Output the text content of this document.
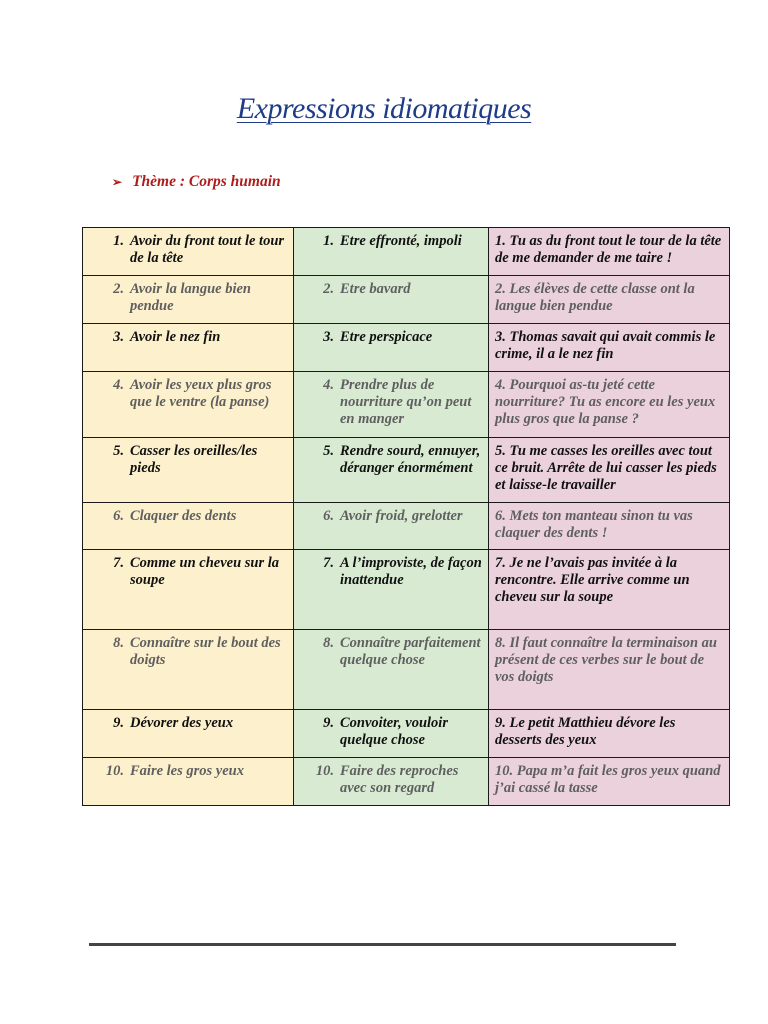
Expressions idiomatiques
➢ Thème : Corps humain
1. Avoir du front tout le tour de la tête	1. Etre effronté, impoli	1. Tu as du front tout le tour de la tête de me demander de me taire !

2. Avoir la langue bien pendue	2. Etre bavard	2. Les élèves de cette classe ont la langue bien pendue

3. Avoir le nez fin	3. Etre perspicace	3. Thomas savait qui avait commis le crime, il a le nez fin

4. Avoir les yeux plus gros que le ventre (la panse)	4. Prendre plus de nourriture qu’on peut en manger	4. Pourquoi as-tu jeté cette nourriture? Tu as encore eu les yeux plus gros que la panse ?

5. Casser les oreilles/les pieds	5. Rendre sourd, ennuyer, déranger énormément	5. Tu me casses les oreilles avec tout ce bruit. Arrête de lui casser les pieds et laisse-le travailler

6. Claquer des dents	6. Avoir froid, grelotter	6. Mets ton manteau sinon tu vas claquer des dents !

7. Comme un cheveu sur la soupe	7. A l’improviste, de façon inattendue	7. Je ne l’avais pas invitée à la rencontre. Elle arrive comme un cheveu sur la soupe

8. Connaître sur le bout des doigts	8. Connaître parfaitement quelque chose	8. Il faut connaître la terminaison au présent de ces verbes sur le bout de vos doigts

9. Dévorer des yeux	9. Convoiter, vouloir quelque chose	9. Le petit Matthieu dévore les desserts des yeux

10. Faire les gros yeux	10. Faire des reproches avec son regard	10. Papa m’a fait les gros yeux quand j’ai cassé la tasse
